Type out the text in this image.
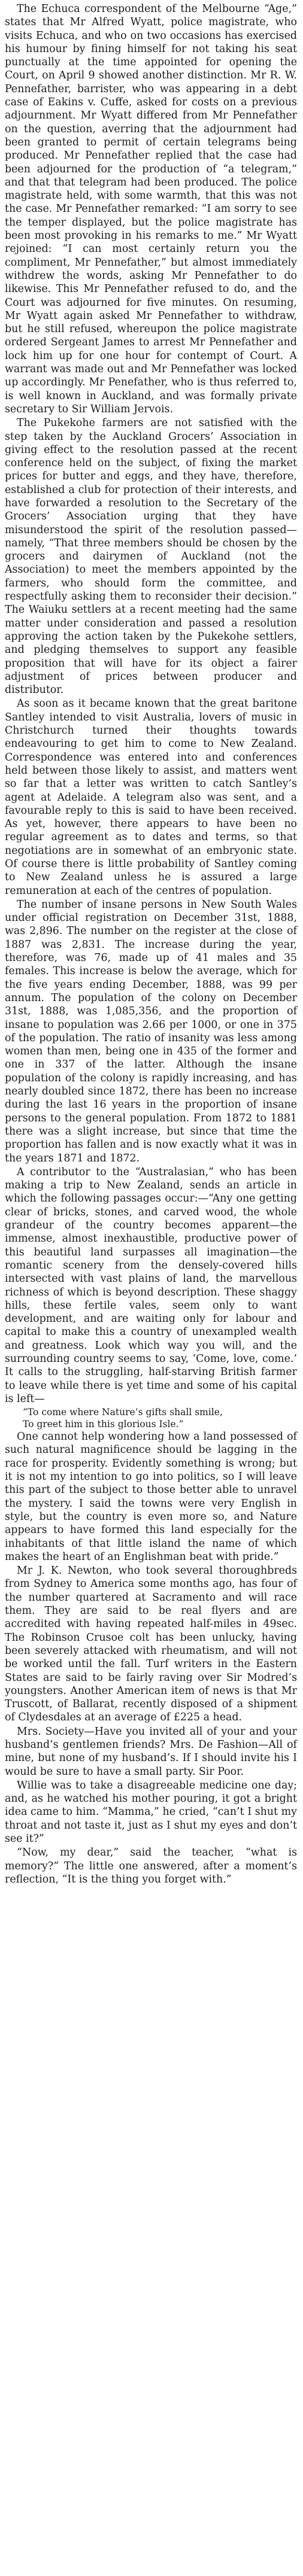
The Echuca correspondent of the Melbourne “Age,” states that Mr Alfred Wyatt, police magistrate, who visits Echuca, and who on two occasions has exercised his humour by fining himself for not taking his seat punctually at the time appointed for opening the Court, on April 9 showed another distinction. Mr R. W. Pennefather, barrister, who was appearing in a debt case of Eakins v. Cuffe, asked for costs on a previous adjournment. Mr Wyatt differed from Mr Pennefather on the question, averring that the adjournment had been granted to permit of certain telegrams being produced. Mr Pennefather replied that the case had been adjourned for the production of “a telegram,” and that that telegram had been produced. The police magistrate held, with some warmth, that this was not the case. Mr Pennefather remarked: “I am sorry to see the temper displayed, but the police magistrate has been most provoking in his remarks to me.” Mr Wyatt rejoined: “I can most certainly return you the compliment, Mr Pennefather,” but almost immediately withdrew the words, asking Mr Pennefather to do likewise. This Mr Pennefather refused to do, and the Court was adjourned for five minutes. On resuming, Mr Wyatt again asked Mr Pennefather to withdraw, but he still refused, whereupon the police magistrate ordered Sergeant James to arrest Mr Pennefather and lock him up for one hour for contempt of Court. A warrant was made out and Mr Pennefather was locked up accordingly. Mr Penefather, who is thus referred to, is well known in Auckland, and was formally private secretary to Sir William Jervois.

The Pukekohe farmers are not satisfied with the step taken by the Auckland Grocers’ Association in giving effect to the resolution passed at the recent conference held on the subject, of fixing the market prices for butter and eggs, and they have, therefore, established a club for protection of their interests, and have forwarded a resolution to the Secretary of the Grocers’ Association urging that they have misunderstood the spirit of the resolution passed—namely, “That three members should be chosen by the grocers and dairymen of Auckland (not the Association) to meet the members appointed by the farmers, who should form the committee, and respectfully asking them to reconsider their decision.” The Waiuku settlers at a recent meeting had the same matter under consideration and passed a resolution approving the action taken by the Pukekohe settlers, and pledging themselves to support any feasible proposition that will have for its object a fairer adjustment of prices between producer and distributor.

As soon as it became known that the great baritone Santley intended to visit Australia, lovers of music in Christchurch turned their thoughts towards endeavouring to get him to come to New Zealand. Correspondence was entered into and conferences held between those likely to assist, and matters went so far that a letter was written to catch Santley’s agent at Adelaide. A telegram also was sent, and a favourable reply to this is said to have been received. As yet, however, there appears to have been no regular agreement as to dates and terms, so that negotiations are in somewhat of an embryonic state. Of course there is little probability of Santley coming to New Zealand unless he is assured a large remuneration at each of the centres of population.

The number of insane persons in New South Wales under official registration on December 31st, 1888, was 2,896. The number on the register at the close of 1887 was 2,831. The increase during the year, therefore, was 76, made up of 41 males and 35 females. This increase is below the average, which for the five years ending December, 1888, was 99 per annum. The population of the colony on December 31st, 1888, was 1,085,356, and the proportion of insane to population was 2.66 per 1000, or one in 375 of the population. The ratio of insanity was less among women than men, being one in 435 of the former and one in 337 of the latter. Although the insane population of the colony is rapidly increasing, and has nearly doubled since 1872, there has been no increase during the last 16 years in the proportion of insane persons to the general population. From 1872 to 1881 there was a slight increase, but since that time the proportion has fallen and is now exactly what it was in the years 1871 and 1872.

A contributor to the “Australasian,” who has been making a trip to New Zealand, sends an article in which the following passages occur:—“Any one getting clear of bricks, stones, and carved wood, the whole grandeur of the country becomes apparent—the immense, almost inexhaustible, productive power of this beautiful land surpasses all imagination—the romantic scenery from the densely-covered hills intersected with vast plains of land, the marvellous richness of which is beyond description. These shaggy hills, these fertile vales, seem only to want development, and are waiting only for labour and capital to make this a country of unexampled wealth and greatness. Look which way you will, and the surrounding country seems to say, ‘Come, love, come.’ It calls to the struggling, half-starving British farmer to leave while there is yet time and some of his capital is left—

“To come where Nature’s gifts shall smile,

To greet him in this glorious Isle.”

One cannot help wondering how a land possessed of such natural magnificence should be lagging in the race for prosperity. Evidently something is wrong; but it is not my intention to go into politics, so I will leave this part of the subject to those better able to unravel the mystery. I said the towns were very English in style, but the country is even more so, and Nature appears to have formed this land especially for the inhabitants of that little island the name of which makes the heart of an Englishman beat with pride.”

Mr J. K. Newton, who took several thoroughbreds from Sydney to America some months ago, has four of the number quartered at Sacramento and will race them. They are said to be real flyers and are accredited with having repeated half-miles in 49sec. The Robinson Crusoe colt has been unlucky, having been severely attacked with rheumatism, and will not be worked until the fall. Turf writers in the Eastern States are said to be fairly raving over Sir Modred’s youngsters. Another American item of news is that Mr Truscott, of Ballarat, recently disposed of a shipment of Clydesdales at an average of £225 a head.

Mrs. Society—Have you invited all of your and your husband’s gentlemen friends? Mrs. De Fashion—All of mine, but none of my husband’s. If I should invite his I would be sure to have a small party. Sir Poor.

Willie was to take a disagreeable medicine one day; and, as he watched his mother pouring, it got a bright idea came to him. “Mamma,” he cried, “can’t I shut my throat and not taste it, just as I shut my eyes and don’t see it?”

“Now, my dear,” said the teacher, “what is memory?” The little one answered, after a moment’s reflection, “It is the thing you forget with.”
